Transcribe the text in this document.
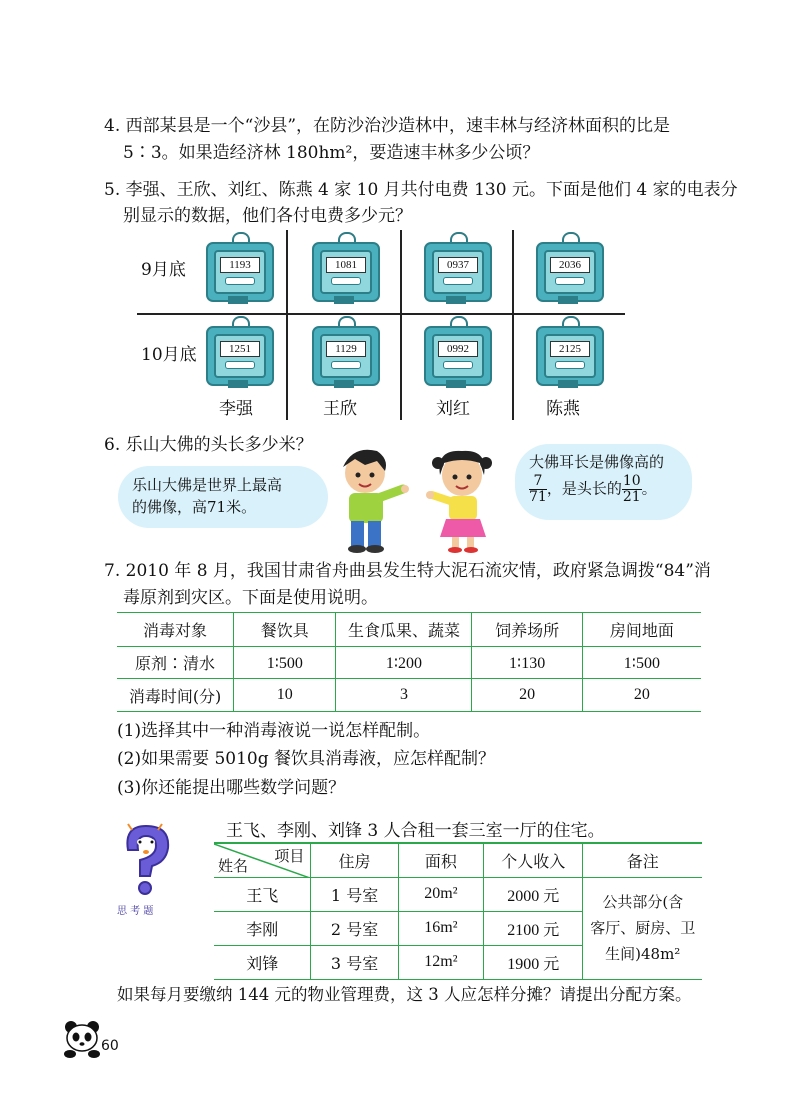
4. 西部某县是一个“沙县”，在防沙治沙造林中，速丰林与经济林面积的比是
5∶3。如果造经济林 180hm²，要造速丰林多少公顷？
5. 李强、王欣、刘红、陈燕 4 家 10 月共付电费 130 元。下面是他们 4 家的电表分
别显示的数据，他们各付电费多少元？
9月底
10月底
1193	1081	0937	2036
1251	1129	0992	2125
李强	王欣	刘红	陈燕
6. 乐山大佛的头长多少米？
乐山大佛是世界上最高
的佛像，高71米。
大佛耳长是佛像高的
$\frac{7}{71}$ ，是头长的 $\frac{10}{21}$ 。
7. 2010 年 8 月，我国甘肃省舟曲县发生特大泥石流灾情，政府紧急调拨“84”消
毒原剂到灾区。下面是使用说明。
消毒对象	餐饮具	生食瓜果、蔬菜	饲养场所	房间地面
原剂∶清水	1∶500	1∶200	1∶130	1∶500
消毒时间(分)	10	3	20	20
(1)选择其中一种消毒液说一说怎样配制。
(2)如果需要 5010g 餐饮具消毒液，应怎样配制？
(3)你还能提出哪些数学问题？
思 考 题
王飞、李刚、刘锋 3 人合租一套三室一厅的住宅。
项目
姓名	住房	面积	个人收入	备注
王飞	1 号室	20m²	2000 元	公共部分(含
客厅、厨房、卫
生间)48m²

李刚	2 号室	16m²	2100 元	
刘锋	3 号室	12m²	1900 元	
如果每月要缴纳 144 元的物业管理费，这 3 人应怎样分摊？请提出分配方案。
60
